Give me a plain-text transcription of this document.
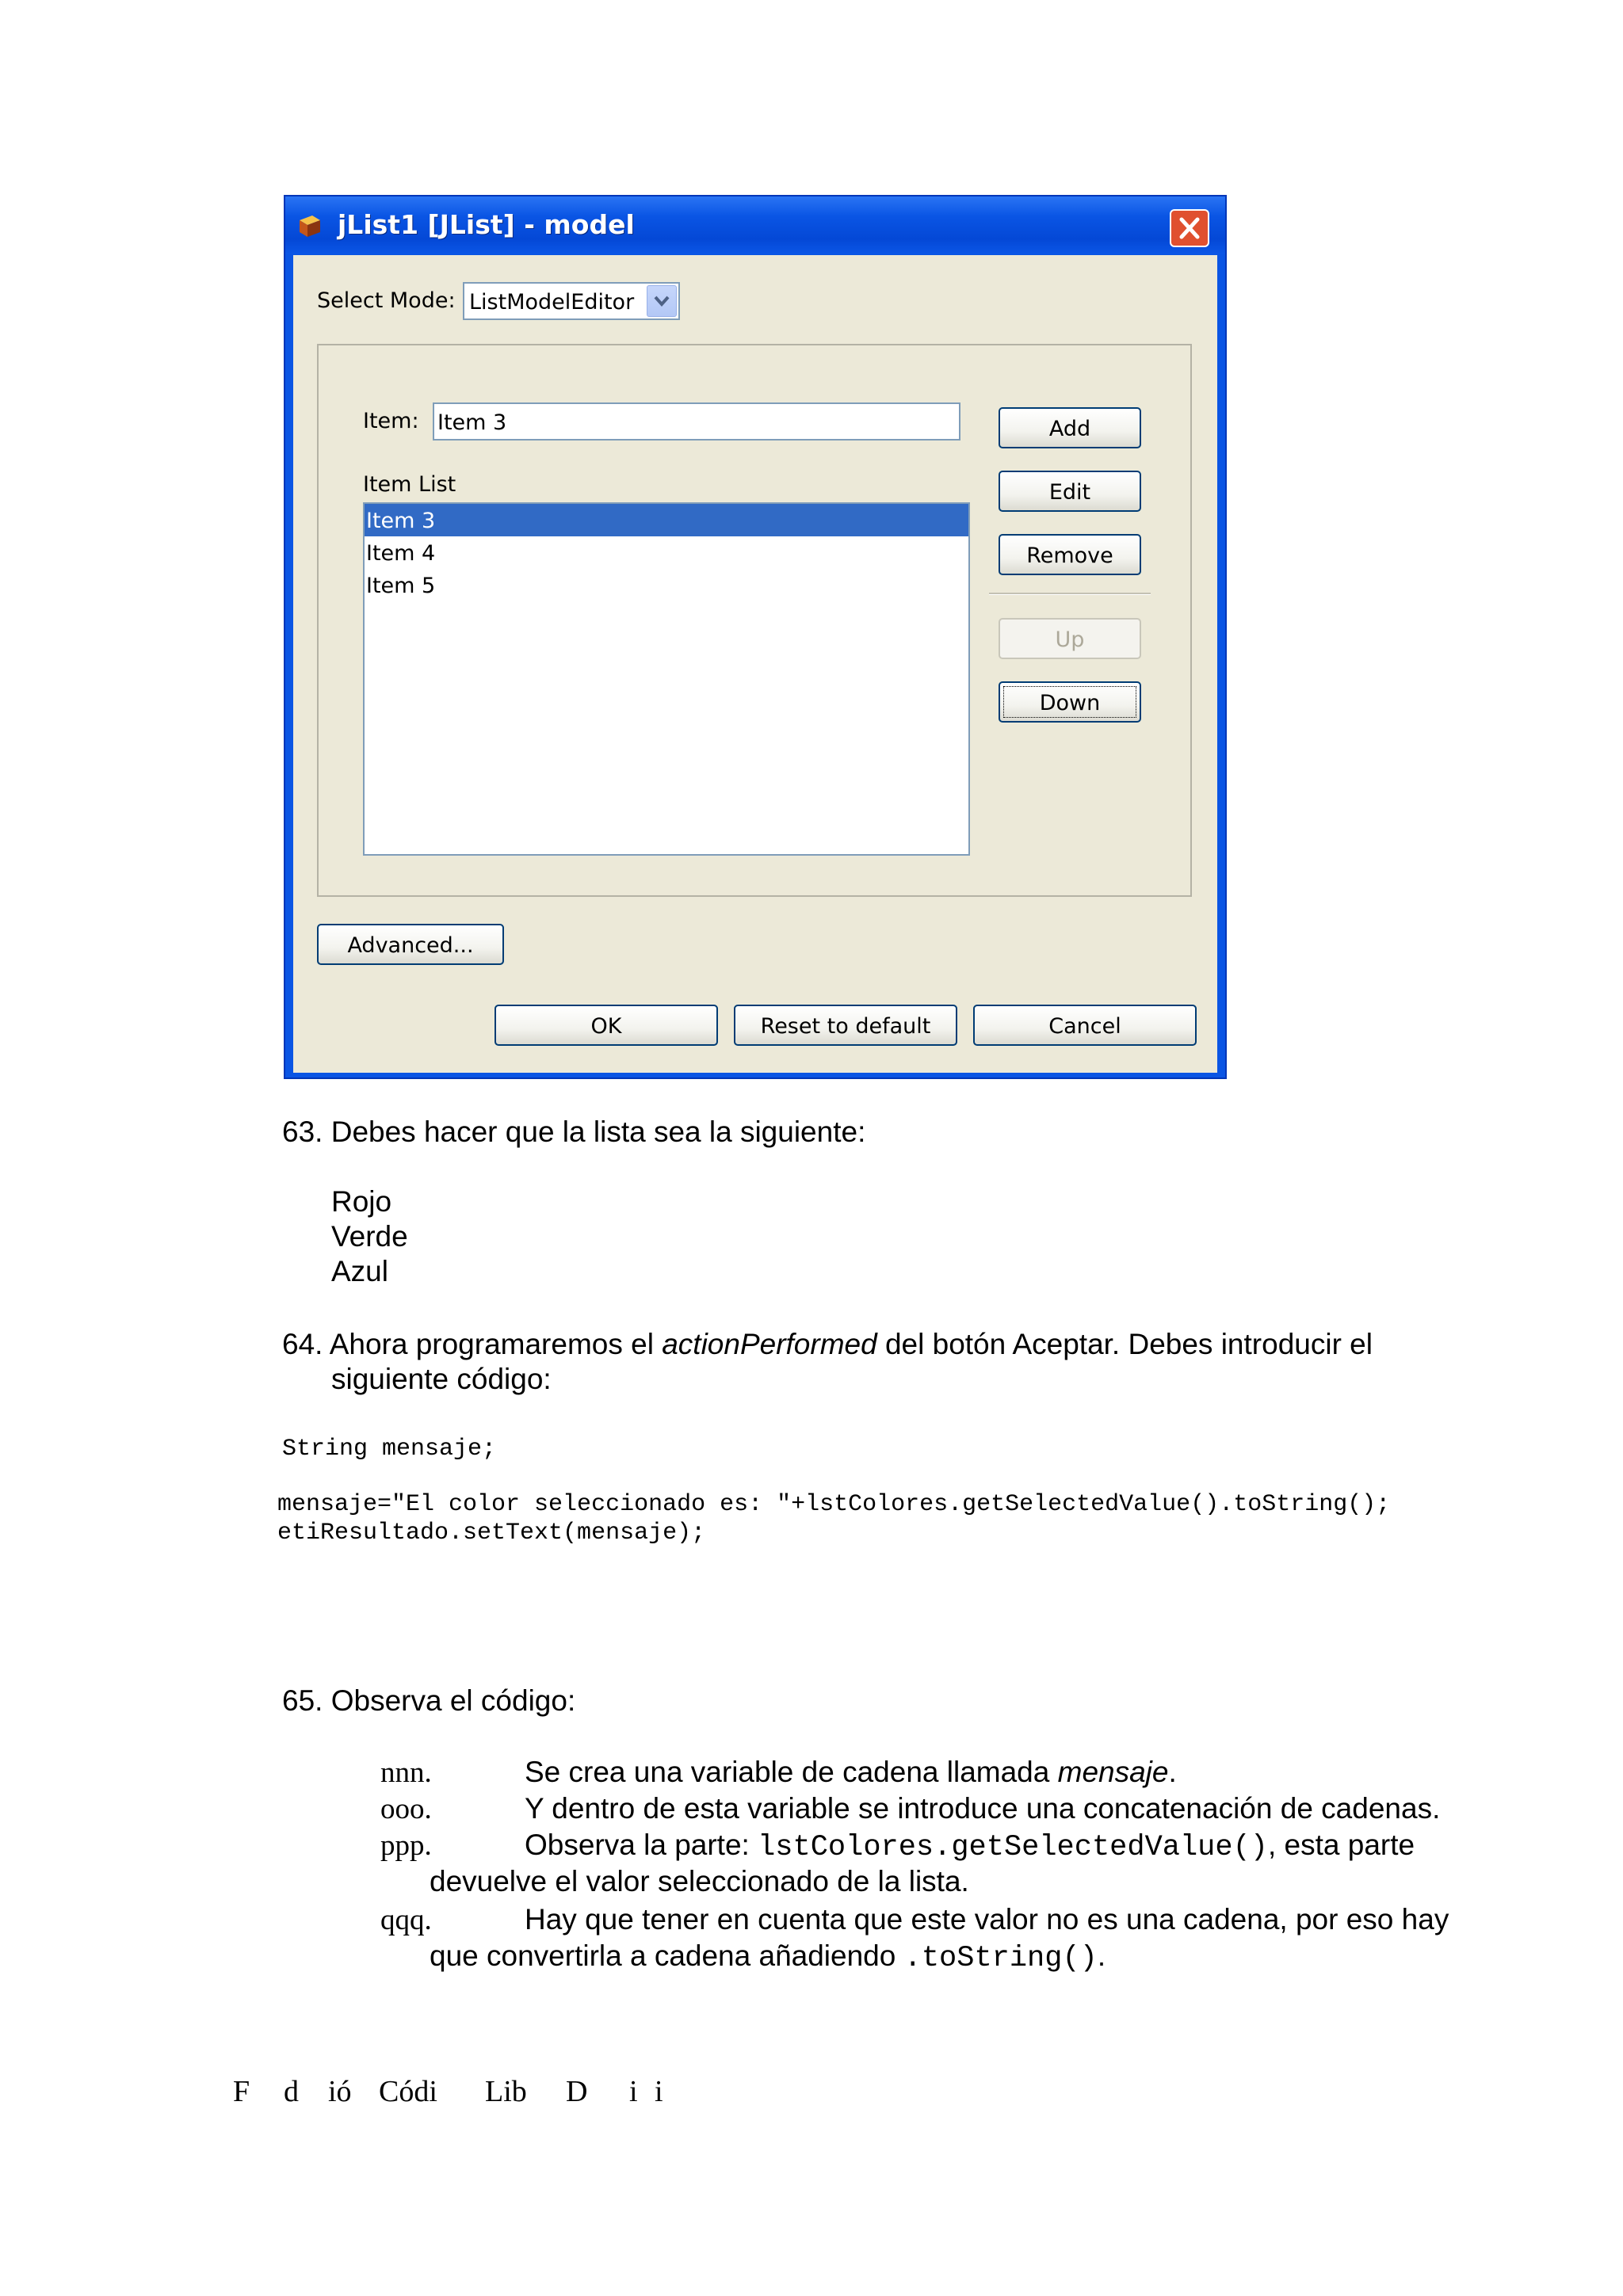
jList1 [JList] - model
Select Mode: ListModelEditor
Item: Item 3
Item List
Item 3
Item 4
Item 5
Add
Edit
Remove
Up
Down
Advanced...
OK	Reset to default	Cancel
63. Debes hacer que la lista sea la siguiente:
Rojo
Verde
Azul
64. Ahora programaremos el actionPerformed del botón Aceptar. Debes introducir el
siguiente código:
String mensaje;
mensaje="El color seleccionado es: "+lstColores.getSelectedValue().toString();
etiResultado.setText(mensaje);
65. Observa el código:
nnn.	Se crea una variable de cadena llamada mensaje.
ooo.	Y dentro de esta variable se introduce una concatenación de cadenas.
ppp.	Observa la parte: lstColores.getSelectedValue(), esta parte
devuelve el valor seleccionado de la lista.
qqq.	Hay que tener en cuenta que este valor no es una cadena, por eso hay
que convertirla a cadena añadiendo .toString().
F d ió Códi Lib D i i
